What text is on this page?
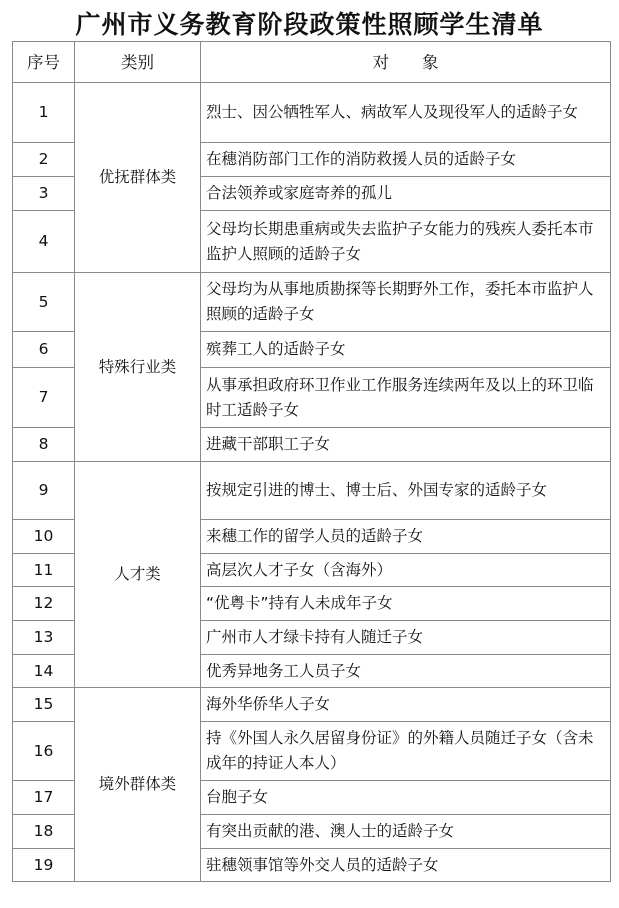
广州市义务教育阶段政策性照顾学生清单
序号	类别	对　　象
1	优抚群体类	烈士、因公牺牲军人、病故军人及现役军人的适龄子女
2		在穗消防部门工作的消防救援人员的适龄子女
3		合法领养或家庭寄养的孤儿
4		父母均长期患重病或失去监护子女能力的残疾人委托本市监护人照顾的适龄子女
5	特殊行业类	父母均为从事地质勘探等长期野外工作，委托本市监护人照顾的适龄子女
6		殡葬工人的适龄子女
7		从事承担政府环卫作业工作服务连续两年及以上的环卫临时工适龄子女
8		进藏干部职工子女
9	人才类	按规定引进的博士、博士后、外国专家的适龄子女
10		来穗工作的留学人员的适龄子女
11		高层次人才子女（含海外）
12		“优粤卡”持有人未成年子女
13		广州市人才绿卡持有人随迁子女
14		优秀异地务工人员子女
15	境外群体类	海外华侨华人子女
16		持《外国人永久居留身份证》的外籍人员随迁子女（含未成年的持证人本人）
17		台胞子女
18		有突出贡献的港、澳人士的适龄子女
19		驻穗领事馆等外交人员的适龄子女
